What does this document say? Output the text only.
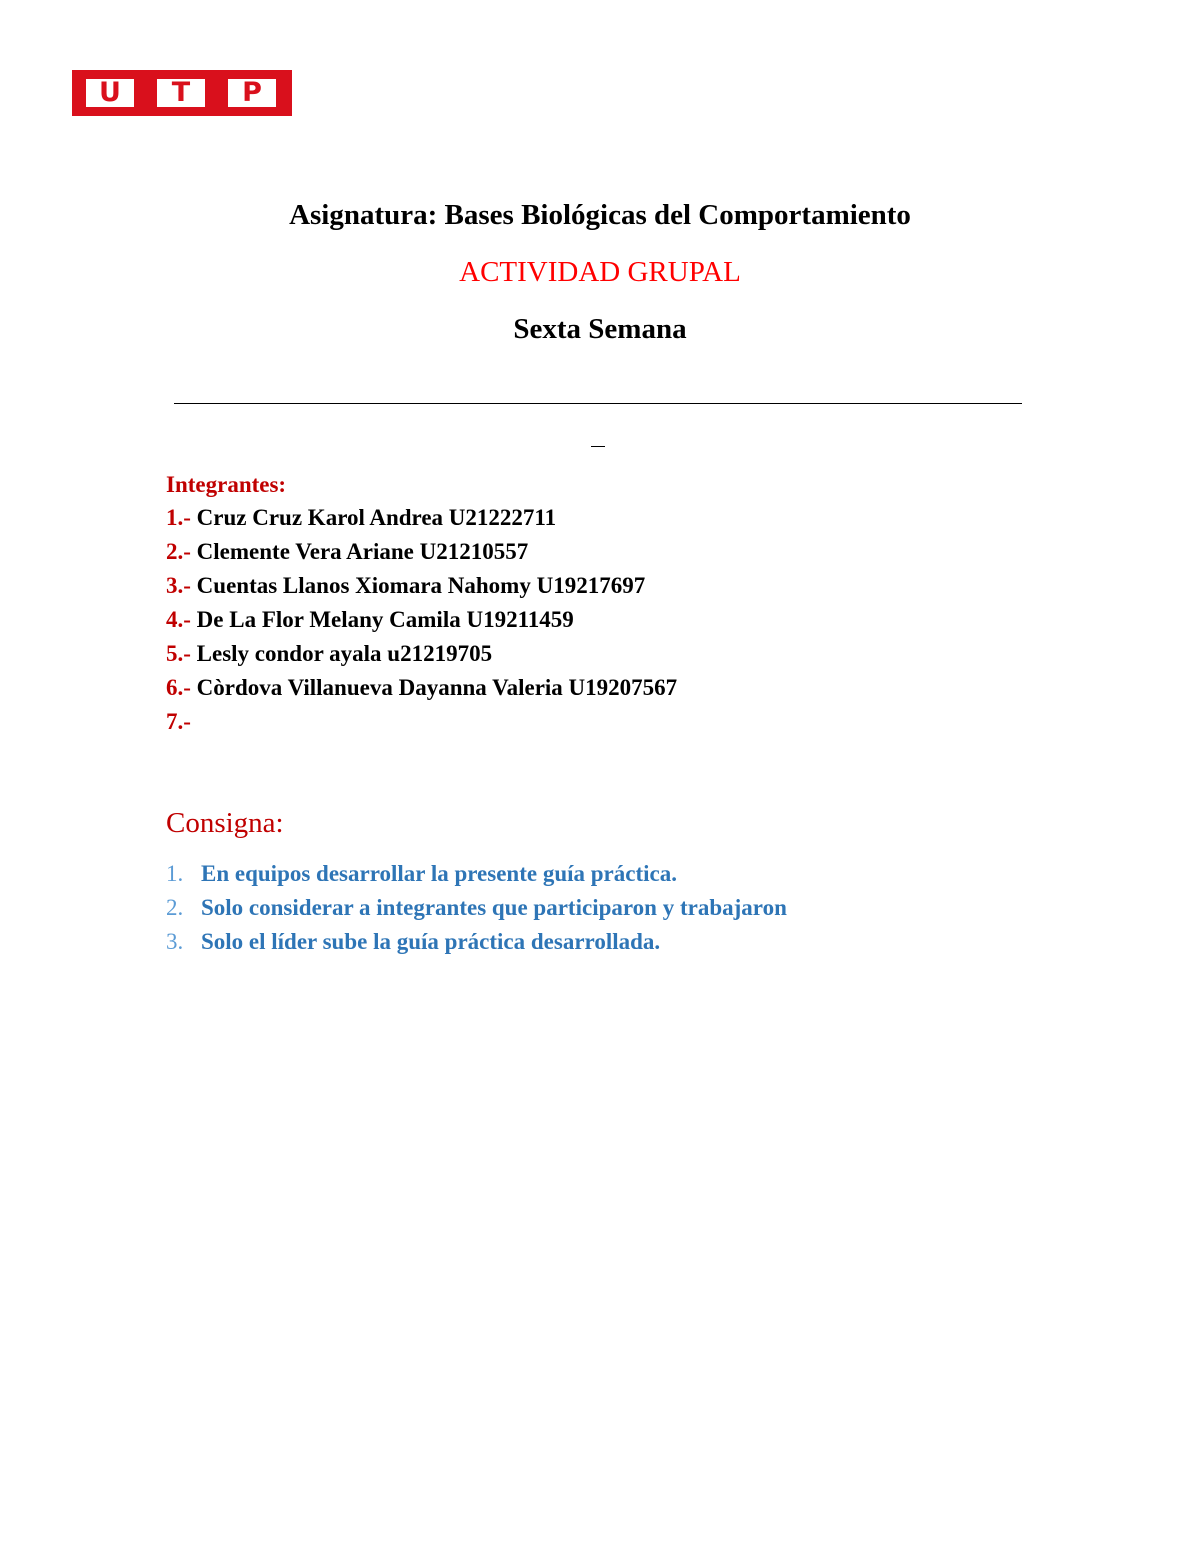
U	T	P
Asignatura: Bases Biológicas del Comportamiento
ACTIVIDAD GRUPAL
Sexta Semana
Integrantes:
1.- Cruz Cruz Karol Andrea U21222711
2.- Clemente Vera Ariane U21210557
3.- Cuentas Llanos Xiomara Nahomy U19217697
4.- De La Flor Melany Camila U19211459
5.- Lesly condor ayala u21219705
6.- Còrdova Villanueva Dayanna Valeria U19207567
7.-
Consigna:
1. En equipos desarrollar la presente guía práctica.
2. Solo considerar a integrantes que participaron y trabajaron
3. Solo el líder sube la guía práctica desarrollada.
